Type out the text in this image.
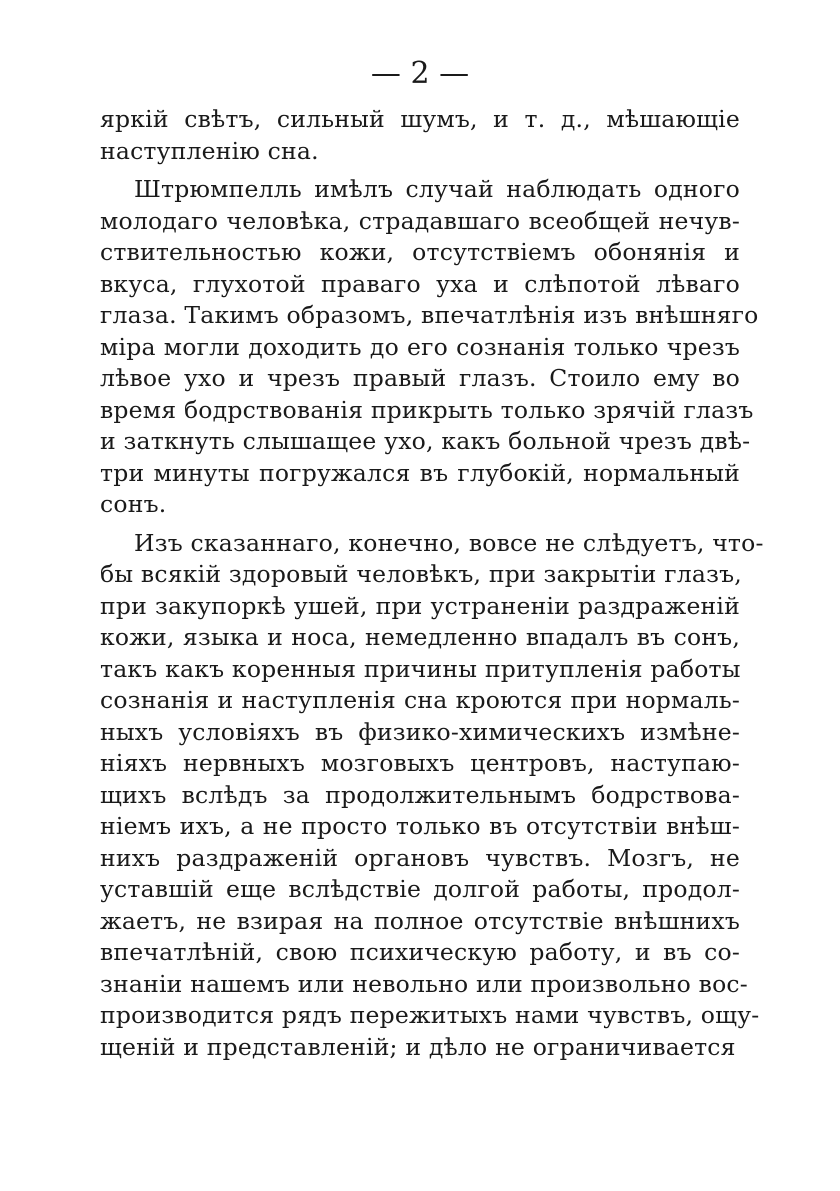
— 2 —
яркій свѣтъ, сильный шумъ, и т. д., мѣшающіе
наступленію сна.
Штрюмпелль имѣлъ случай наблюдать одного
молодаго человѣка, страдавшаго всеобщей нечув-
ствительностью кожи, отсутствіемъ обонянія и
вкуса, глухотой праваго уха и слѣпотой лѣваго
глаза. Такимъ образомъ, впечатлѣнія изъ внѣшняго
міра могли доходить до его сознанія только чрезъ
лѣвое ухо и чрезъ правый глазъ. Стоило ему во
время бодрствованія прикрыть только зрячій глазъ
и заткнуть слышащее ухо, какъ больной чрезъ двѣ-
три минуты погружался въ глубокій, нормальный
сонъ.
Изъ сказаннаго, конечно, вовсе не слѣдуетъ, что-
бы всякій здоровый человѣкъ, при закрытіи глазъ,
при закупоркѣ ушей, при устраненіи раздраженій
кожи, языка и носа, немедленно впадалъ въ сонъ,
такъ какъ коренныя причины притупленія работы
сознанія и наступленія сна кроются при нормаль-
ныхъ условіяхъ въ физико-химическихъ измѣне-
ніяхъ нервныхъ мозговыхъ центровъ, наступаю-
щихъ вслѣдъ за продолжительнымъ бодрствова-
ніемъ ихъ, а не просто только въ отсутствіи внѣш-
нихъ раздраженій органовъ чувствъ. Мозгъ, не
уставшій еще вслѣдствіе долгой работы, продол-
жаетъ, не взирая на полное отсутствіе внѣшнихъ
впечатлѣній, свою психическую работу, и въ со-
знаніи нашемъ или невольно или произвольно вос-
производится рядъ пережитыхъ нами чувствъ, ощу-
щеній и представленій; и дѣло не ограничивается
